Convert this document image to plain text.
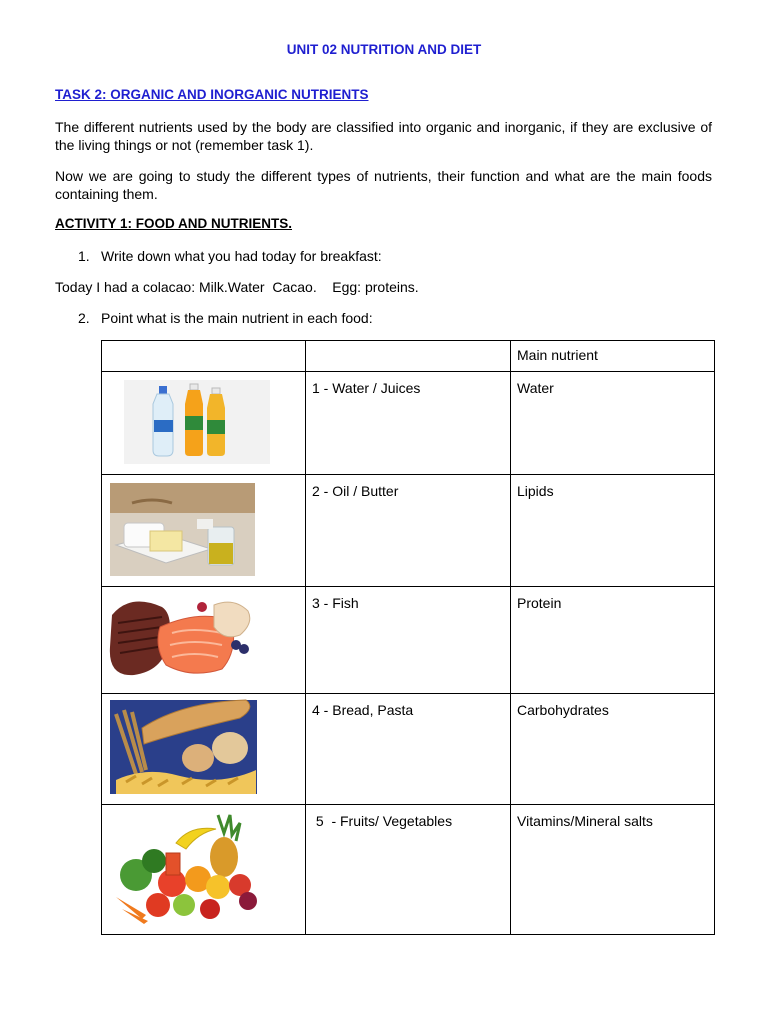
UNIT 02 NUTRITION AND DIET
TASK 2: ORGANIC AND INORGANIC NUTRIENTS
The different nutrients used by the body are classified into organic and inorganic, if they are exclusive of the living things or not (remember task 1).
Now we are going to study the different types of nutrients, their function and what are the main foods containing them.
ACTIVITY 1: FOOD AND NUTRIENTS.
1. Write down what you had today for breakfast:
Today I had a colacao: Milk.Water  Cacao.    Egg: proteins.
2. Point what is the main nutrient in each food:
		Main nutrient

	1 - Water / Juices	Water

	2 - Oil / Butter	Lipids

	3 - Fish	Protein

	4 - Bread, Pasta	Carbohydrates

	5  - Fruits/ Vegetables	Vitamins/Mineral salts
